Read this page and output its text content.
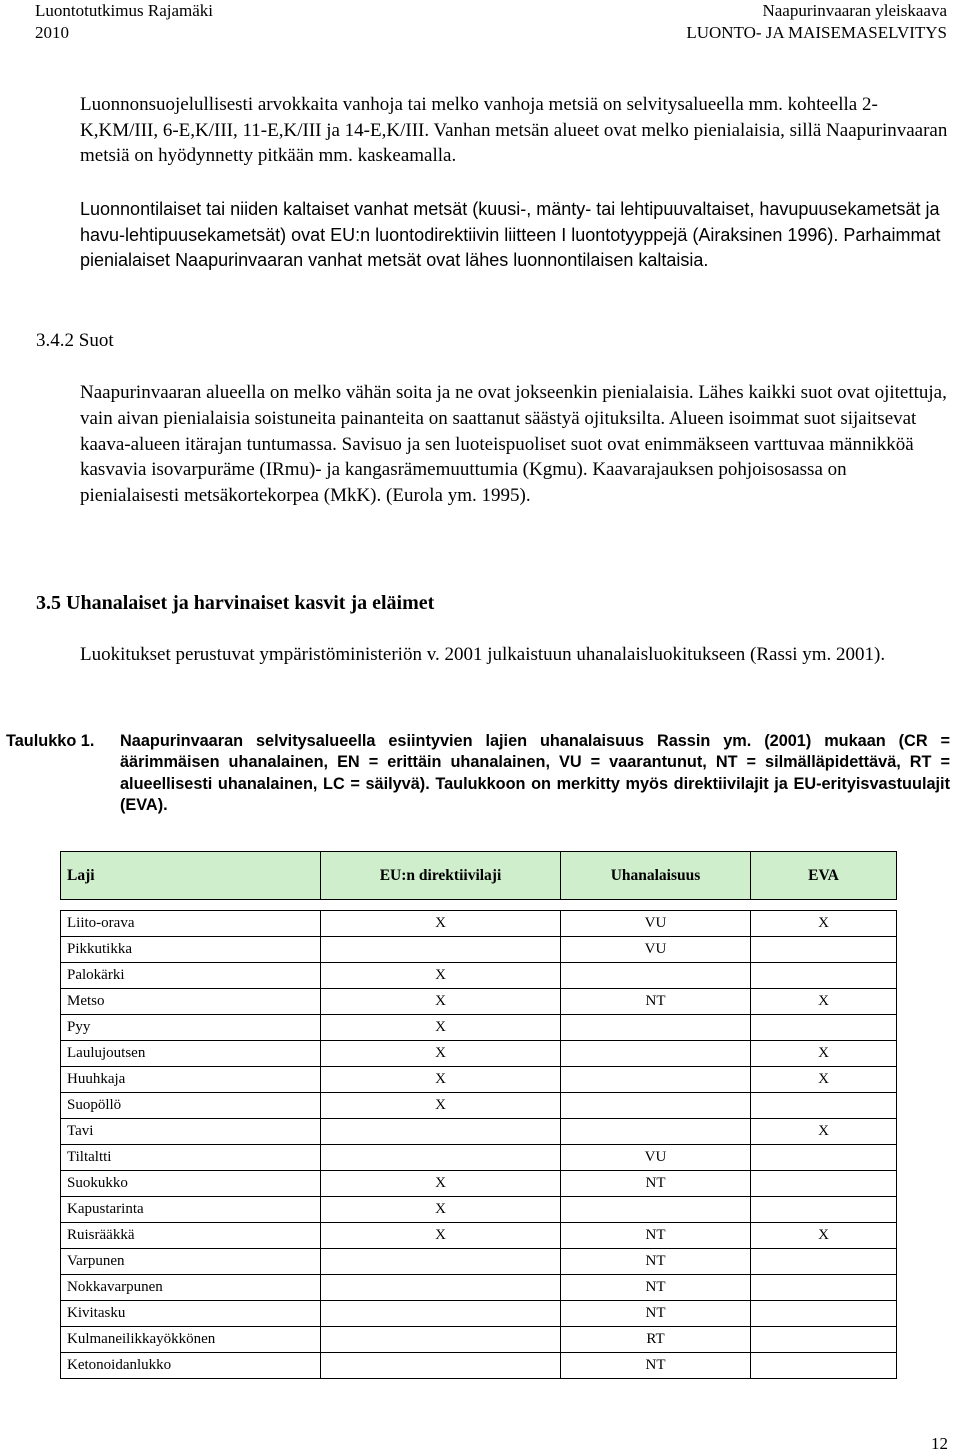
Luontotutkimus Rajamäki
2010
Naapurinvaaran yleiskaava
LUONTO- JA MAISEMASELVITYS

Luonnonsuojelullisesti arvokkaita vanhoja tai melko vanhoja metsiä on selvitysalueella mm. kohteella 2-K,KM/III, 6-E,K/III, 11-E,K/III ja 14-E,K/III. Vanhan metsän alueet ovat melko pienialaisia, sillä Naapurinvaaran metsiä on hyödynnetty pitkään mm. kaskeamalla.

Luonnontilaiset tai niiden kaltaiset vanhat metsät (kuusi-, mänty- tai lehtipuuvaltaiset, havupuusekametsät ja havu-lehtipuusekametsät) ovat EU:n luontodirektiivin liitteen I luontotyyppejä (Airaksinen 1996). Parhaimmat pienialaiset Naapurinvaaran vanhat metsät ovat lähes luonnontilaisen kaltaisia.

3.4.2 Suot

Naapurinvaaran alueella on melko vähän soita ja ne ovat jokseenkin pienialaisia. Lähes kaikki suot ovat ojitettuja, vain aivan pienialaisia soistuneita painanteita on saattanut säästyä ojituksilta. Alueen isoimmat suot sijaitsevat kaava-alueen itärajan tuntumassa. Savisuo ja sen luoteispuoliset suot ovat enimmäkseen varttuvaa männikköä kasvavia isovarpuräme (IRmu)- ja kangasrämemuuttumia (Kgmu). Kaavarajauksen pohjoisosassa on pienialaisesti metsäkortekorpea (MkK). (Eurola ym. 1995).

3.5 Uhanalaiset ja harvinaiset kasvit ja eläimet

Luokitukset perustuvat ympäristöministeriön v. 2001 julkaistuun uhanalaisluokitukseen (Rassi ym. 2001).

Taulukko 1. Naapurinvaaran selvitysalueella esiintyvien lajien uhanalaisuus Rassin ym. (2001) mukaan (CR = äärimmäisen uhanalainen, EN = erittäin uhanalainen, VU = vaarantunut, NT = silmälläpidettävä, RT = alueellisesti uhanalainen, LC = säilyvä). Taulukkoon on merkitty myös direktiivilajit ja EU-erityisvastuulajit (EVA).
Laji	EU:n direktiivilaji	Uhanalaisuus	EVA

Liito-orava	X	VU	X
Pikkutikka		VU	
Palokärki	X		
Metso	X	NT	X
Pyy	X		
Laulujoutsen	X		X
Huuhkaja	X		X
Suopöllö	X		
Tavi			X
Tiltaltti		VU	
Suokukko	X	NT	
Kapustarinta	X		
Ruisrääkkä	X	NT	X
Varpunen		NT	
Nokkavarpunen		NT	
Kivitasku		NT	
Kulmaneilikkayökkönen		RT	
Ketonoidanlukko		NT	
12
